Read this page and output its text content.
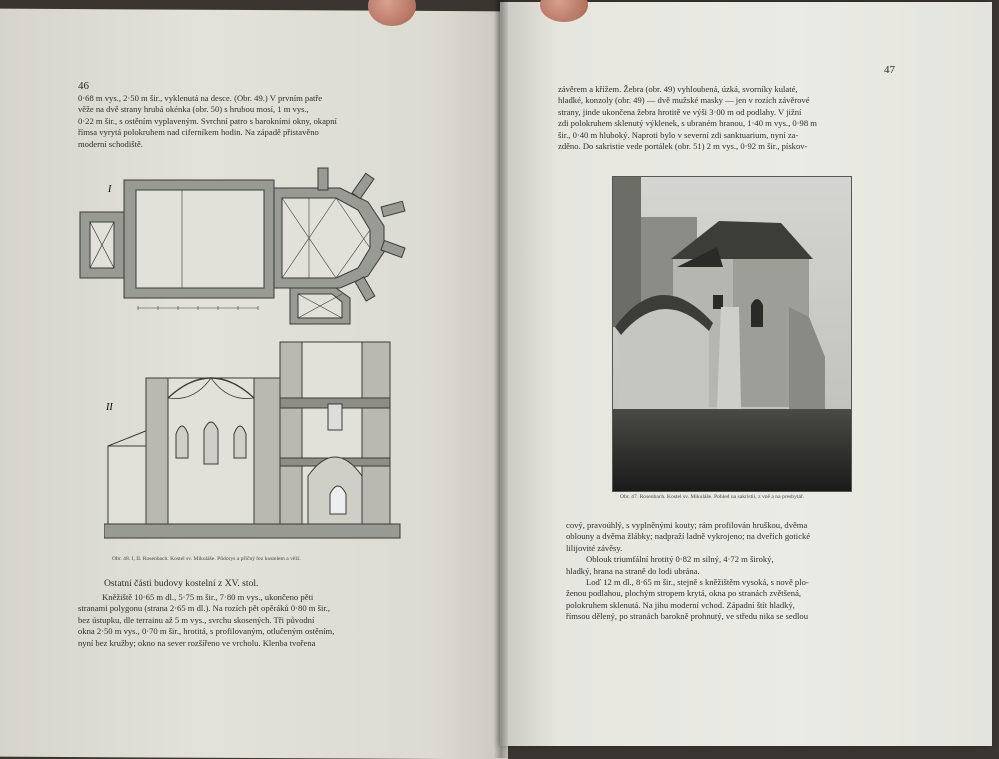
46

0·68 m vys., 2·50 m šir., vyklenutá na desce. (Obr. 49.) V prvním patře

věže na dvě strany hrubá okénka (obr. 50) s hrubou mosí, 1 m vys.,

0·22 m šir., s ostěním vyplaveným. Svrchní patro s barokními okny, okapní

římsa vyrytá polokruhem nad ciferníkem hodin. Na západě přistavěno

moderní schodiště.

I
II
Obr. 48. I, II. Rosenbach. Kostel sv. Mikuláše. Půdorys a příčný řez kostelem a věží.
Ostatní části budovy kostelní z XV. stol.

Kněžiště 10·65 m dl., 5·75 m šir., 7·80 m vys., ukončeno pěti

stranami polygonu (strana 2·65 m dl.). Na rozích pět opěráků 0·80 m šir.,

bez ústupku, dle terrainu až 5 m vys., svrchu skosených. Tři původní

okna 2·50 m vys., 0·70 m šir., hrotitá, s profilovaným, otlučeným ostěním,

nyní bez kružby; okno na sever rozšířeno ve vrcholu. Klenba tvořena

47

závěrem a křížem. Žebra (obr. 49) vyhloubená, úzká, svorníky kulaté,

hladké, konzoly (obr. 49) — dvě mužské masky — jen v rozích závěrové

strany, jinde ukončena žebra hrotitě ve výši 3·00 m od podlahy. V jižní

zdi polokruhem sklenutý výklenek, s ubraném hranou, 1·40 m vys., 0·98 m

šir., 0·40 m hluboký. Naproti bylo v severní zdi sanktuarium, nyní za-

zděno. Do sakristie vede portálek (obr. 51) 2 m vys., 0·92 m šir., pískov-

Obr. 47. Rosenbach. Kostel sv. Mikuláše. Pohled na sakristii, z vně a na presbytář.

cový, pravoúhlý, s vyplněnými kouty; rám profilován hruškou, dvěma

oblouny a dvěma žlábky; nadpraží ladně vykrojeno; na dveřích gotické

lilijovité závěsy.

Oblouk triumfální hrotitý 0·82 m silný, 4·72 m široký,

hladký, hrana na straně do lodi ubrána.

Loď 12 m dl., 8·65 m šir., stejně s kněžištěm vysoká, s nově plo-

ženou podlahou, plochým stropem krytá, okna po stranách zvětšená,

polokruhem sklenutá. Na jihu moderní vchod. Západní štít hladký,

římsou dělený, po stranách barokně prohnutý, ve středu nika se sedlou
